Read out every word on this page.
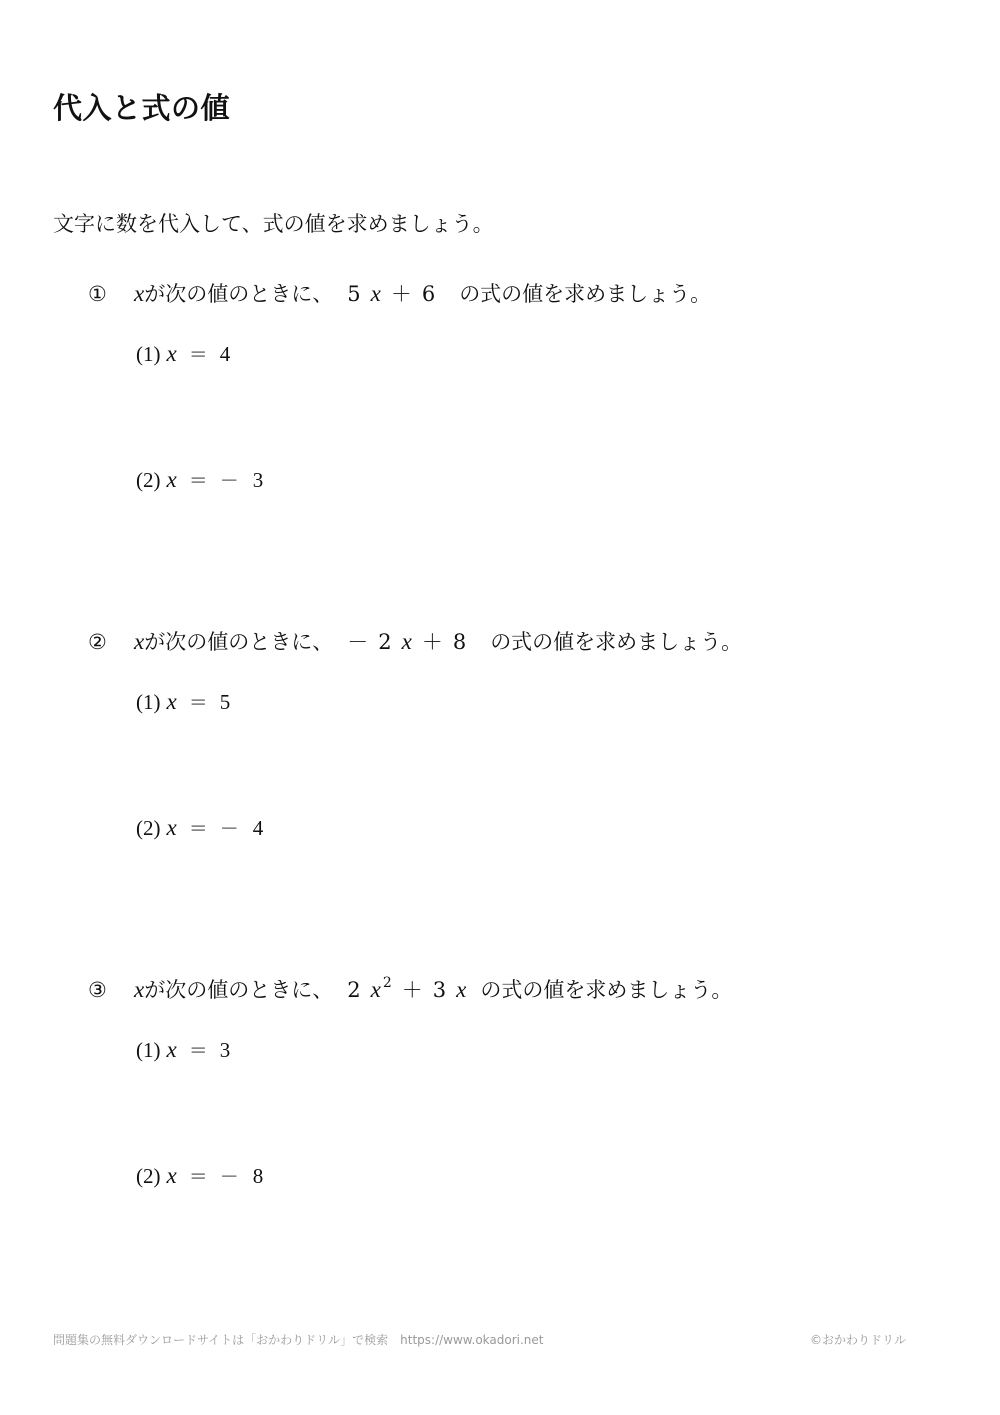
代入と式の値
文字に数を代入して、式の値を求めましょう。
① xが次の値のときに、 5 x ＋ 6 の式の値を求めましょう。
(1) x ＝ 4
(2) x ＝ － 3
② xが次の値のときに、 － 2 x ＋ 8 の式の値を求めましょう。
(1) x ＝ 5
(2) x ＝ － 4
③ xが次の値のときに、 2 x $^2$ ＋ 3 x の式の値を求めましょう。
(1) x ＝ 3
(2) x ＝ － 8
問題集の無料ダウンロードサイトは「おかわりドリル」で検索　https://www.okadori.net	©おかわりドリル
